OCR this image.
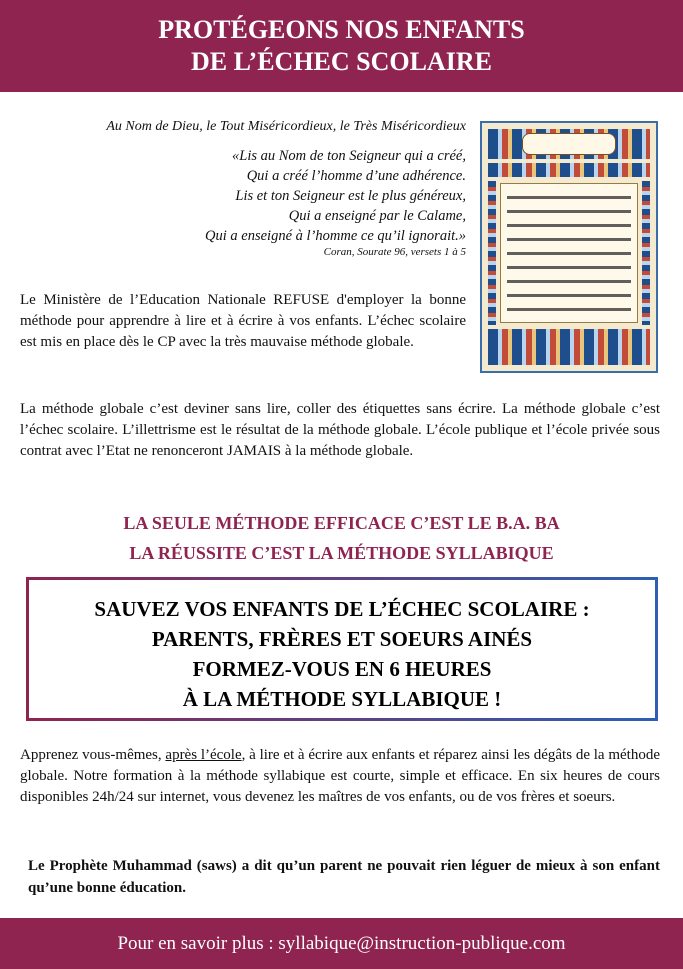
PROTÉGEONS NOS ENFANTS
DE L’ÉCHEC SCOLAIRE
Au Nom de Dieu, le Tout Miséricordieux, le Très Miséricordieux
«Lis au Nom de ton Seigneur qui a créé,
Qui a créé l’homme d’une adhérence.
Lis et ton Seigneur est le plus généreux,
Qui a enseigné par le Calame,
Qui a enseigné à l’homme ce qu’il ignorait.»
Coran, Sourate 96, versets 1 à 5
Le Ministère de l’Education Nationale REFUSE d'employer la bonne méthode pour apprendre à lire et à écrire à vos enfants. L’échec scolaire est mis en place dès le CP avec la très mauvaise méthode globale.
La méthode globale c’est deviner sans lire, coller des étiquettes sans écrire. La méthode globale c’est l’échec scolaire. L’illettrisme est le résultat de la méthode globale. L’école publique et l’école privée sous contrat avec l’Etat ne renonceront JAMAIS à la méthode globale.
LA SEULE MÉTHODE EFFICACE C’EST LE B.A. BA
LA RÉUSSITE C’EST LA MÉTHODE SYLLABIQUE
SAUVEZ VOS ENFANTS DE L’ÉCHEC SCOLAIRE :
PARENTS, FRÈRES ET SOEURS AINÉS
FORMEZ-VOUS EN 6 HEURES
À LA MÉTHODE SYLLABIQUE !
Apprenez vous-mêmes, après l’école, à lire et à écrire aux enfants et réparez ainsi les dégâts de la méthode globale. Notre formation à la méthode syllabique est courte, simple et efficace. En six heures de cours disponibles 24h/24 sur internet, vous devenez les maîtres de vos enfants, ou de vos frères et soeurs.
Le Prophète Muhammad (saws) a dit qu’un parent ne pouvait rien léguer de mieux à son enfant qu’une bonne éducation.
Pour en savoir plus : syllabique@instruction-publique.com
